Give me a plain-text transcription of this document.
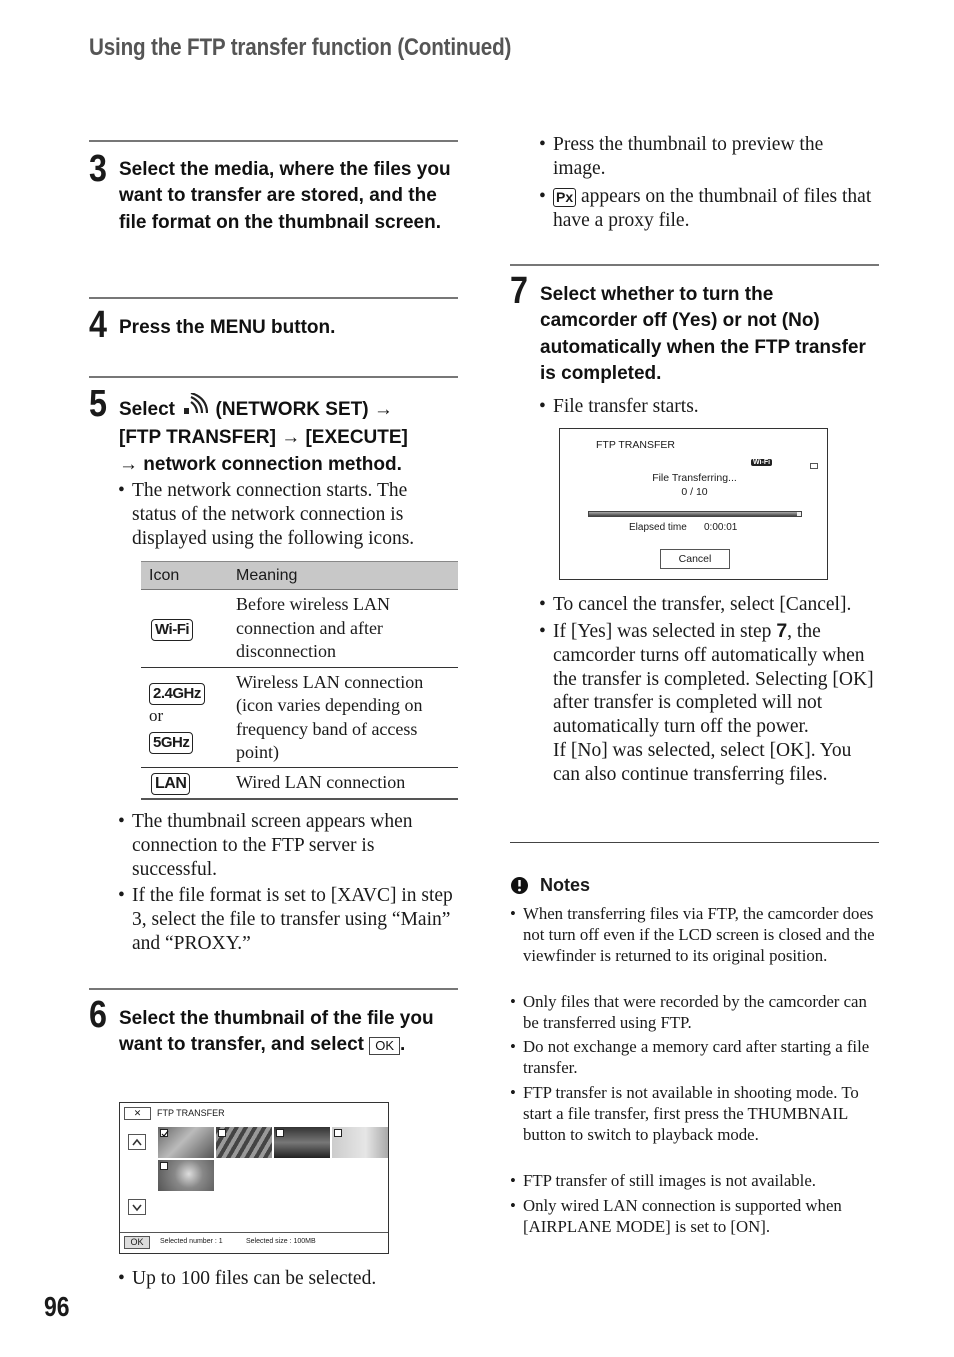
Using the FTP transfer function (Continued)
3 Select the media, where the files you want to transfer are stored, and the file format on the thumbnail screen.
4 Press the MENU button.
5 Select (NETWORK SET) →
[FTP TRANSFER] → [EXECUTE]
→ network connection method.
• The network connection starts. The status of the network connection is displayed using the following icons.
Icon	Meaning
Wi-Fi	Before wireless LAN connection and after disconnection
2.4GHz
or
5GHz	Wireless LAN connection (icon varies depending on frequency band of access point)
LAN	Wired LAN connection
• The thumbnail screen appears when connection to the FTP server is successful.
• If the file format is set to [XAVC] in step 3, select the file to transfer using “Main” and “PROXY.”
6 Select the thumbnail of the file you want to transfer, and select OK .
✕	FTP TRANSFER
OK	Selected number : 1	Selected size : 100MB
• Up to 100 files can be selected.
96
• Press the thumbnail to preview the image.
• Px appears on the thumbnail of files that have a proxy file.
7 Select whether to turn the camcorder off (Yes) or not (No) automatically when the FTP transfer is completed.
• File transfer starts.
FTP TRANSFER
Wi-Fi
File Transferring...
0 / 10
Elapsed time 0:00:01
Cancel
• To cancel the transfer, select [Cancel].
• If [Yes] was selected in step 7, the camcorder turns off automatically when the transfer is completed. Selecting [OK] after transfer is completed will not automatically turn off the power.
If [No] was selected, select [OK]. You can also continue transferring files.
Notes
• When transferring files via FTP, the camcorder does not turn off even if the LCD screen is closed and the viewfinder is returned to its original position.
• Only files that were recorded by the camcorder can be transferred using FTP.
• Do not exchange a memory card after starting a file transfer.
• FTP transfer is not available in shooting mode. To start a file transfer, first press the THUMBNAIL button to switch to playback mode.
• FTP transfer of still images is not available.
• Only wired LAN connection is supported when [AIRPLANE MODE] is set to [ON].
